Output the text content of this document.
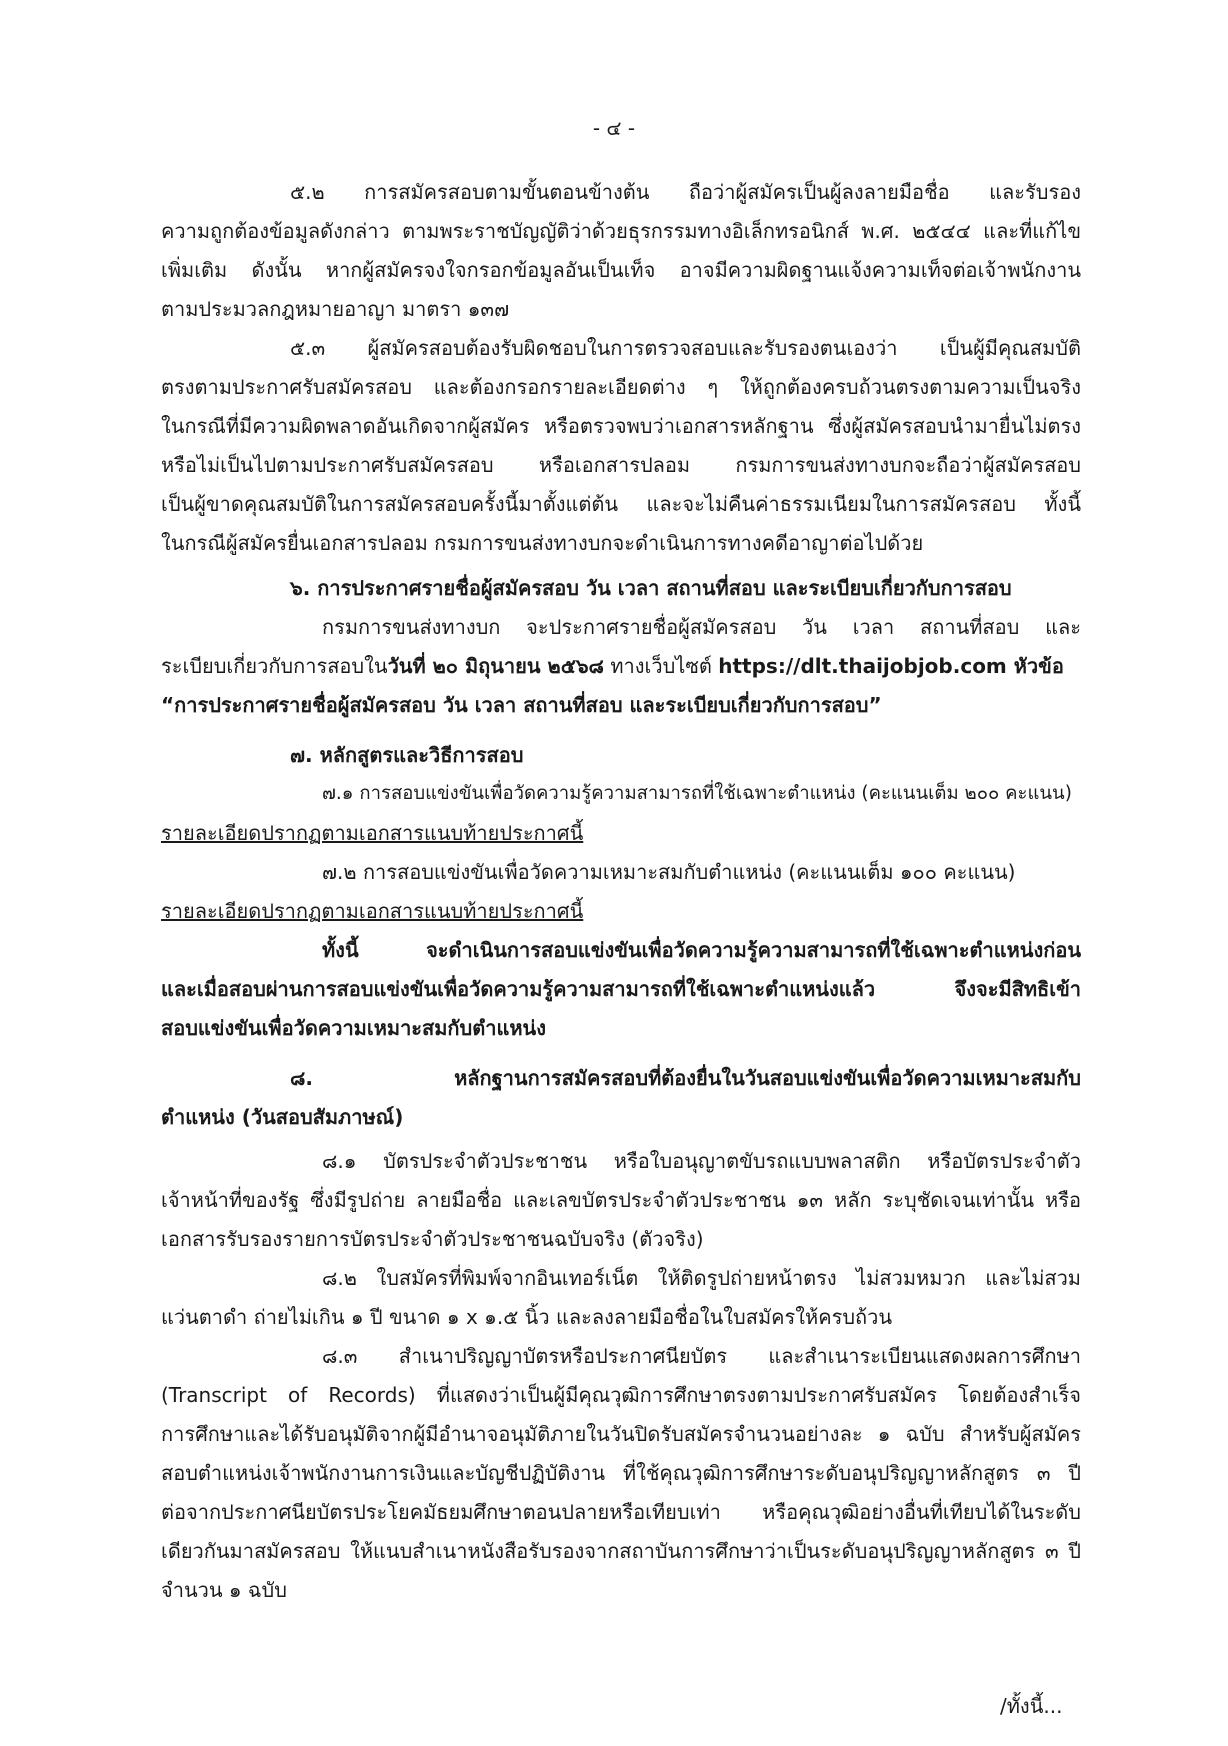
- ๔ -
๕.๒ การสมัครสอบตามขั้นตอนข้างต้น ถือว่าผู้สมัครเป็นผู้ลงลายมือชื่อ และรับรอง
ความถูกต้องข้อมูลดังกล่าว ตามพระราชบัญญัติว่าด้วยธุรกรรมทางอิเล็กทรอนิกส์ พ.ศ. ๒๕๔๔ และที่แก้ไข
เพิ่มเติม ดังนั้น หากผู้สมัครจงใจกรอกข้อมูลอันเป็นเท็จ อาจมีความผิดฐานแจ้งความเท็จต่อเจ้าพนักงาน
ตามประมวลกฎหมายอาญา มาตรา ๑๓๗
๕.๓ ผู้สมัครสอบต้องรับผิดชอบในการตรวจสอบและรับรองตนเองว่า เป็นผู้มีคุณสมบัติ
ตรงตามประกาศรับสมัครสอบ และต้องกรอกรายละเอียดต่าง ๆ ให้ถูกต้องครบถ้วนตรงตามความเป็นจริง
ในกรณีที่มีความผิดพลาดอันเกิดจากผู้สมัคร หรือตรวจพบว่าเอกสารหลักฐาน ซึ่งผู้สมัครสอบนำมายื่นไม่ตรง
หรือไม่เป็นไปตามประกาศรับสมัครสอบ หรือเอกสารปลอม กรมการขนส่งทางบกจะถือว่าผู้สมัครสอบ
เป็นผู้ขาดคุณสมบัติในการสมัครสอบครั้งนี้มาตั้งแต่ต้น และจะไม่คืนค่าธรรมเนียมในการสมัครสอบ ทั้งนี้
ในกรณีผู้สมัครยื่นเอกสารปลอม กรมการขนส่งทางบกจะดำเนินการทางคดีอาญาต่อไปด้วย
๖. การประกาศรายชื่อผู้สมัครสอบ วัน เวลา สถานที่สอบ และระเบียบเกี่ยวกับการสอบ
กรมการขนส่งทางบก จะประกาศรายชื่อผู้สมัครสอบ วัน เวลา สถานที่สอบ และ
ระเบียบเกี่ยวกับการสอบในวันที่ ๒๐ มิถุนายน ๒๕๖๘ ทางเว็บไซต์ https://dlt.thaijobjob.com หัวข้อ
“การประกาศรายชื่อผู้สมัครสอบ วัน เวลา สถานที่สอบ และระเบียบเกี่ยวกับการสอบ”
๗. หลักสูตรและวิธีการสอบ
๗.๑ การสอบแข่งขันเพื่อวัดความรู้ความสามารถที่ใช้เฉพาะตำแหน่ง (คะแนนเต็ม ๒๐๐ คะแนน)
รายละเอียดปรากฏตามเอกสารแนบท้ายประกาศนี้
๗.๒ การสอบแข่งขันเพื่อวัดความเหมาะสมกับตำแหน่ง (คะแนนเต็ม ๑๐๐ คะแนน)
รายละเอียดปรากฏตามเอกสารแนบท้ายประกาศนี้
ทั้งนี้ จะดำเนินการสอบแข่งขันเพื่อวัดความรู้ความสามารถที่ใช้เฉพาะตำแหน่งก่อน
และเมื่อสอบผ่านการสอบแข่งขันเพื่อวัดความรู้ความสามารถที่ใช้เฉพาะตำแหน่งแล้ว จึงจะมีสิทธิเข้า
สอบแข่งขันเพื่อวัดความเหมาะสมกับตำแหน่ง
๘. หลักฐานการสมัครสอบที่ต้องยื่นในวันสอบแข่งขันเพื่อวัดความเหมาะสมกับ
ตำแหน่ง (วันสอบสัมภาษณ์)
๘.๑ บัตรประจำตัวประชาชน หรือใบอนุญาตขับรถแบบพลาสติก หรือบัตรประจำตัว
เจ้าหน้าที่ของรัฐ ซึ่งมีรูปถ่าย ลายมือชื่อ และเลขบัตรประจำตัวประชาชน ๑๓ หลัก ระบุชัดเจนเท่านั้น หรือ
เอกสารรับรองรายการบัตรประจำตัวประชาชนฉบับจริง (ตัวจริง)
๘.๒ ใบสมัครที่พิมพ์จากอินเทอร์เน็ต ให้ติดรูปถ่ายหน้าตรง ไม่สวมหมวก และไม่สวม
แว่นตาดำ ถ่ายไม่เกิน ๑ ปี ขนาด ๑ x ๑.๕ นิ้ว และลงลายมือชื่อในใบสมัครให้ครบถ้วน
๘.๓ สำเนาปริญญาบัตรหรือประกาศนียบัตร และสำเนาระเบียนแสดงผลการศึกษา
(Transcript of Records) ที่แสดงว่าเป็นผู้มีคุณวุฒิการศึกษาตรงตามประกาศรับสมัคร โดยต้องสำเร็จ
การศึกษาและได้รับอนุมัติจากผู้มีอำนาจอนุมัติภายในวันปิดรับสมัครจำนวนอย่างละ ๑ ฉบับ สำหรับผู้สมัคร
สอบตำแหน่งเจ้าพนักงานการเงินและบัญชีปฏิบัติงาน ที่ใช้คุณวุฒิการศึกษาระดับอนุปริญญาหลักสูตร ๓ ปี
ต่อจากประกาศนียบัตรประโยคมัธยมศึกษาตอนปลายหรือเทียบเท่า หรือคุณวุฒิอย่างอื่นที่เทียบได้ในระดับ
เดียวกันมาสมัครสอบ ให้แนบสำเนาหนังสือรับรองจากสถาบันการศึกษาว่าเป็นระดับอนุปริญญาหลักสูตร ๓ ปี
จำนวน ๑ ฉบับ
/ทั้งนี้...
